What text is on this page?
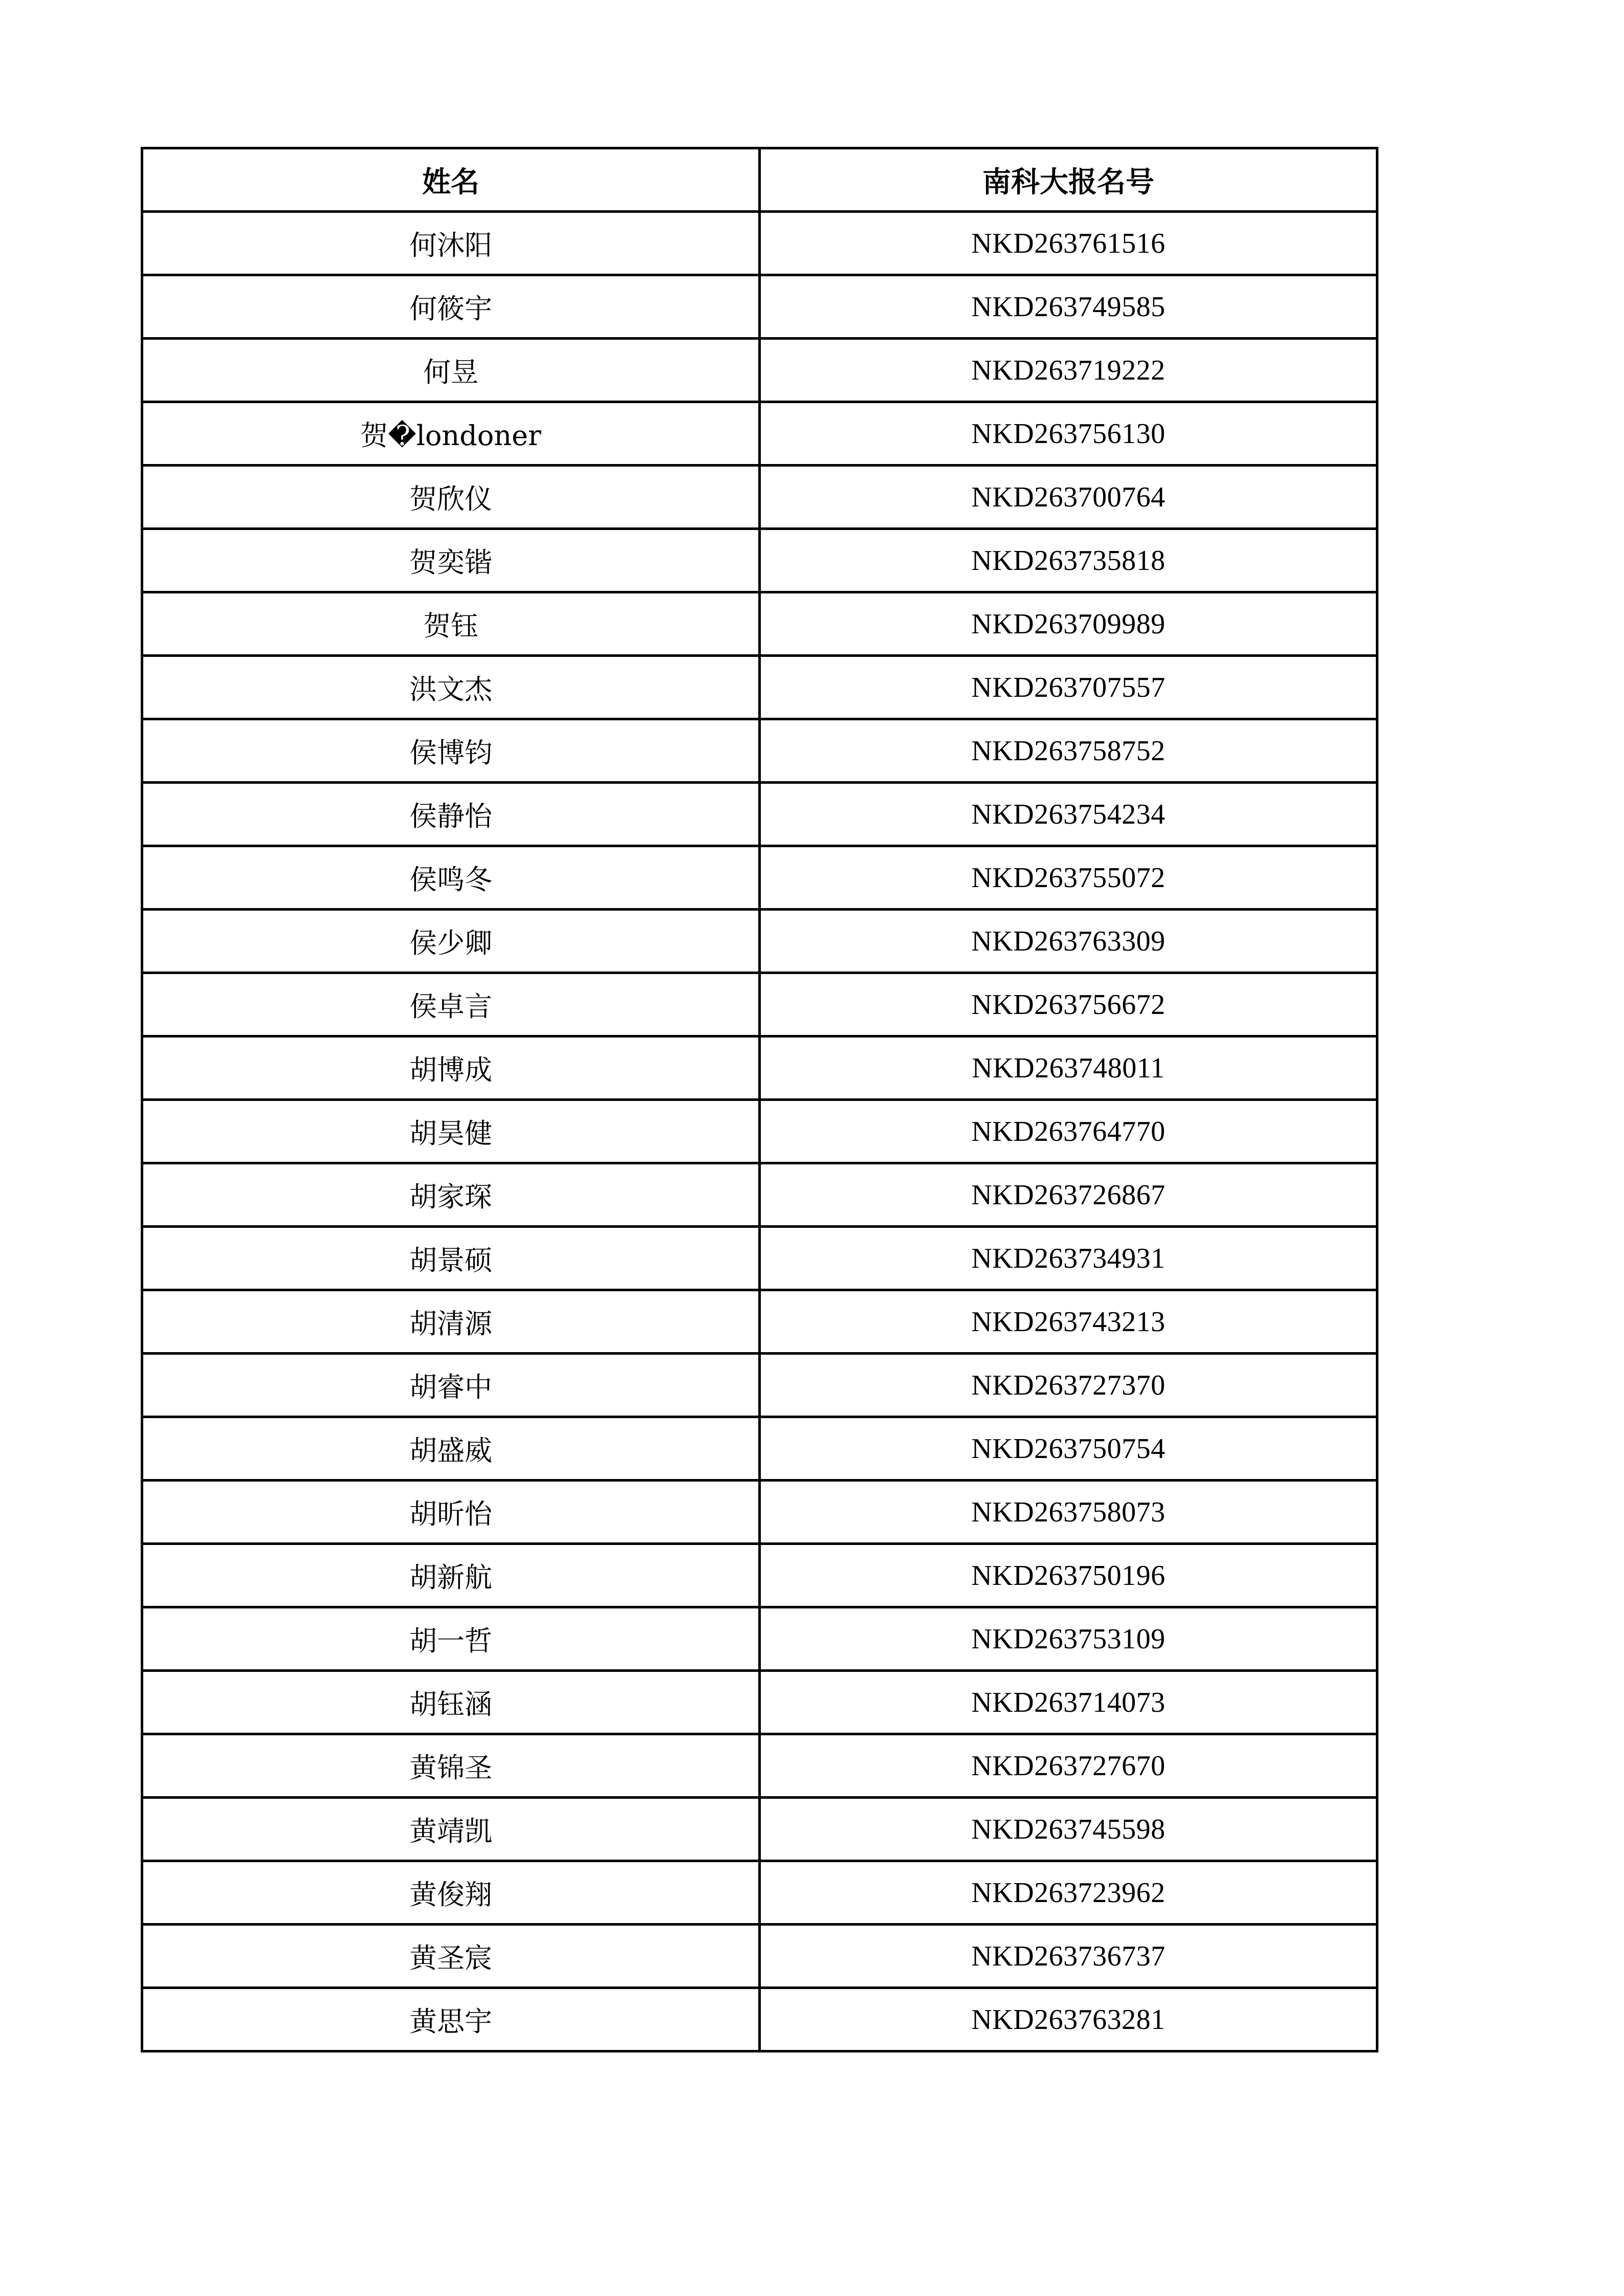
姓名	南科大报名号
何沐阳	NKD263761516
何筱宇	NKD263749585
何昱	NKD263719222
贺�londoner	NKD263756130
贺欣仪	NKD263700764
贺奕锴	NKD263735818
贺钰	NKD263709989
洪文杰	NKD263707557
侯博钧	NKD263758752
侯静怡	NKD263754234
侯鸣冬	NKD263755072
侯少卿	NKD263763309
侯卓言	NKD263756672
胡博成	NKD263748011
胡昊健	NKD263764770
胡家琛	NKD263726867
胡景硕	NKD263734931
胡清源	NKD263743213
胡睿中	NKD263727370
胡盛威	NKD263750754
胡昕怡	NKD263758073
胡新航	NKD263750196
胡一哲	NKD263753109
胡钰涵	NKD263714073
黄锦圣	NKD263727670
黄靖凯	NKD263745598
黄俊翔	NKD263723962
黄圣宸	NKD263736737
黄思宇	NKD263763281
